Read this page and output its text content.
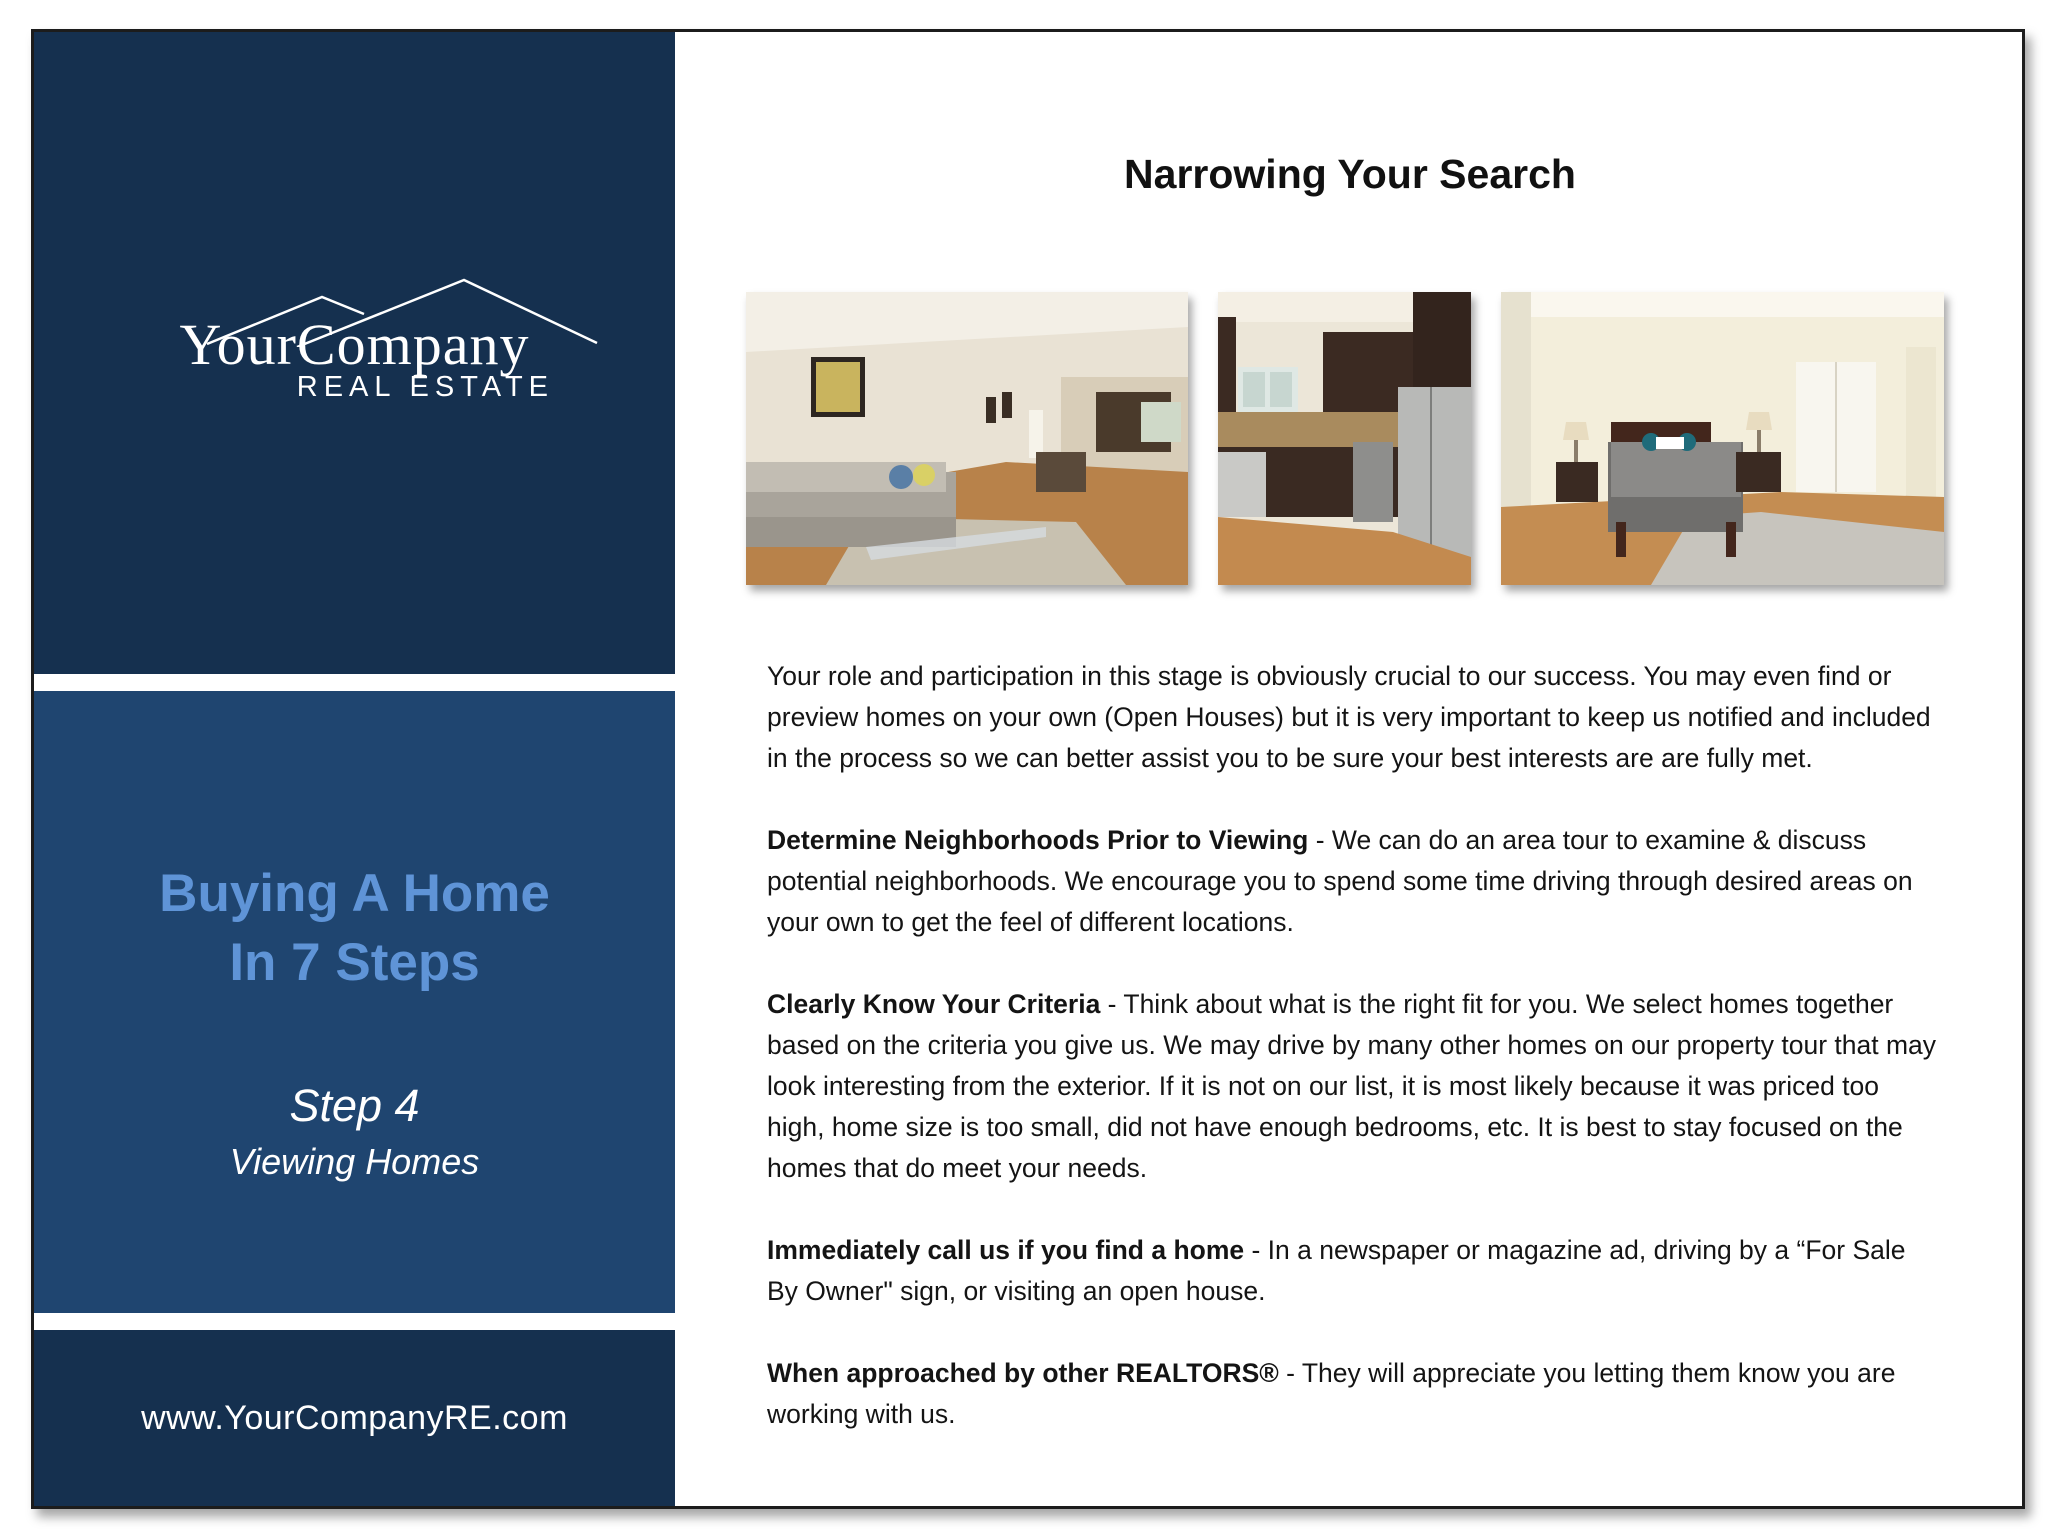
YourCompany
REAL ESTATE
Buying A Home
In 7 Steps
Step 4
Viewing Homes
www.YourCompanyRE.com
Narrowing Your Search

Your role and participation in this stage is obviously crucial to our success. You may even find or preview homes on your own (Open Houses) but it is very important to keep us notified and included in the process so we can better assist you to be sure your best interests are are fully met.

Determine Neighborhoods Prior to Viewing - We can do an area tour to examine & discuss potential neighborhoods. We encourage you to spend some time driving through desired areas on your own to get the feel of different locations.

Clearly Know Your Criteria - Think about what is the right fit for you. We select homes together based on the criteria you give us. We may drive by many other homes on our property tour that may look interesting from the exterior. If it is not on our list, it is most likely because it was priced too high, home size is too small, did not have enough bedrooms, etc. It is best to stay focused on the homes that do meet your needs.

Immediately call us if you find a home - In a newspaper or magazine ad, driving by a “For Sale By Owner" sign, or visiting an open house.

When approached by other REALTORS® - They will appreciate you letting them know you are working with us.
